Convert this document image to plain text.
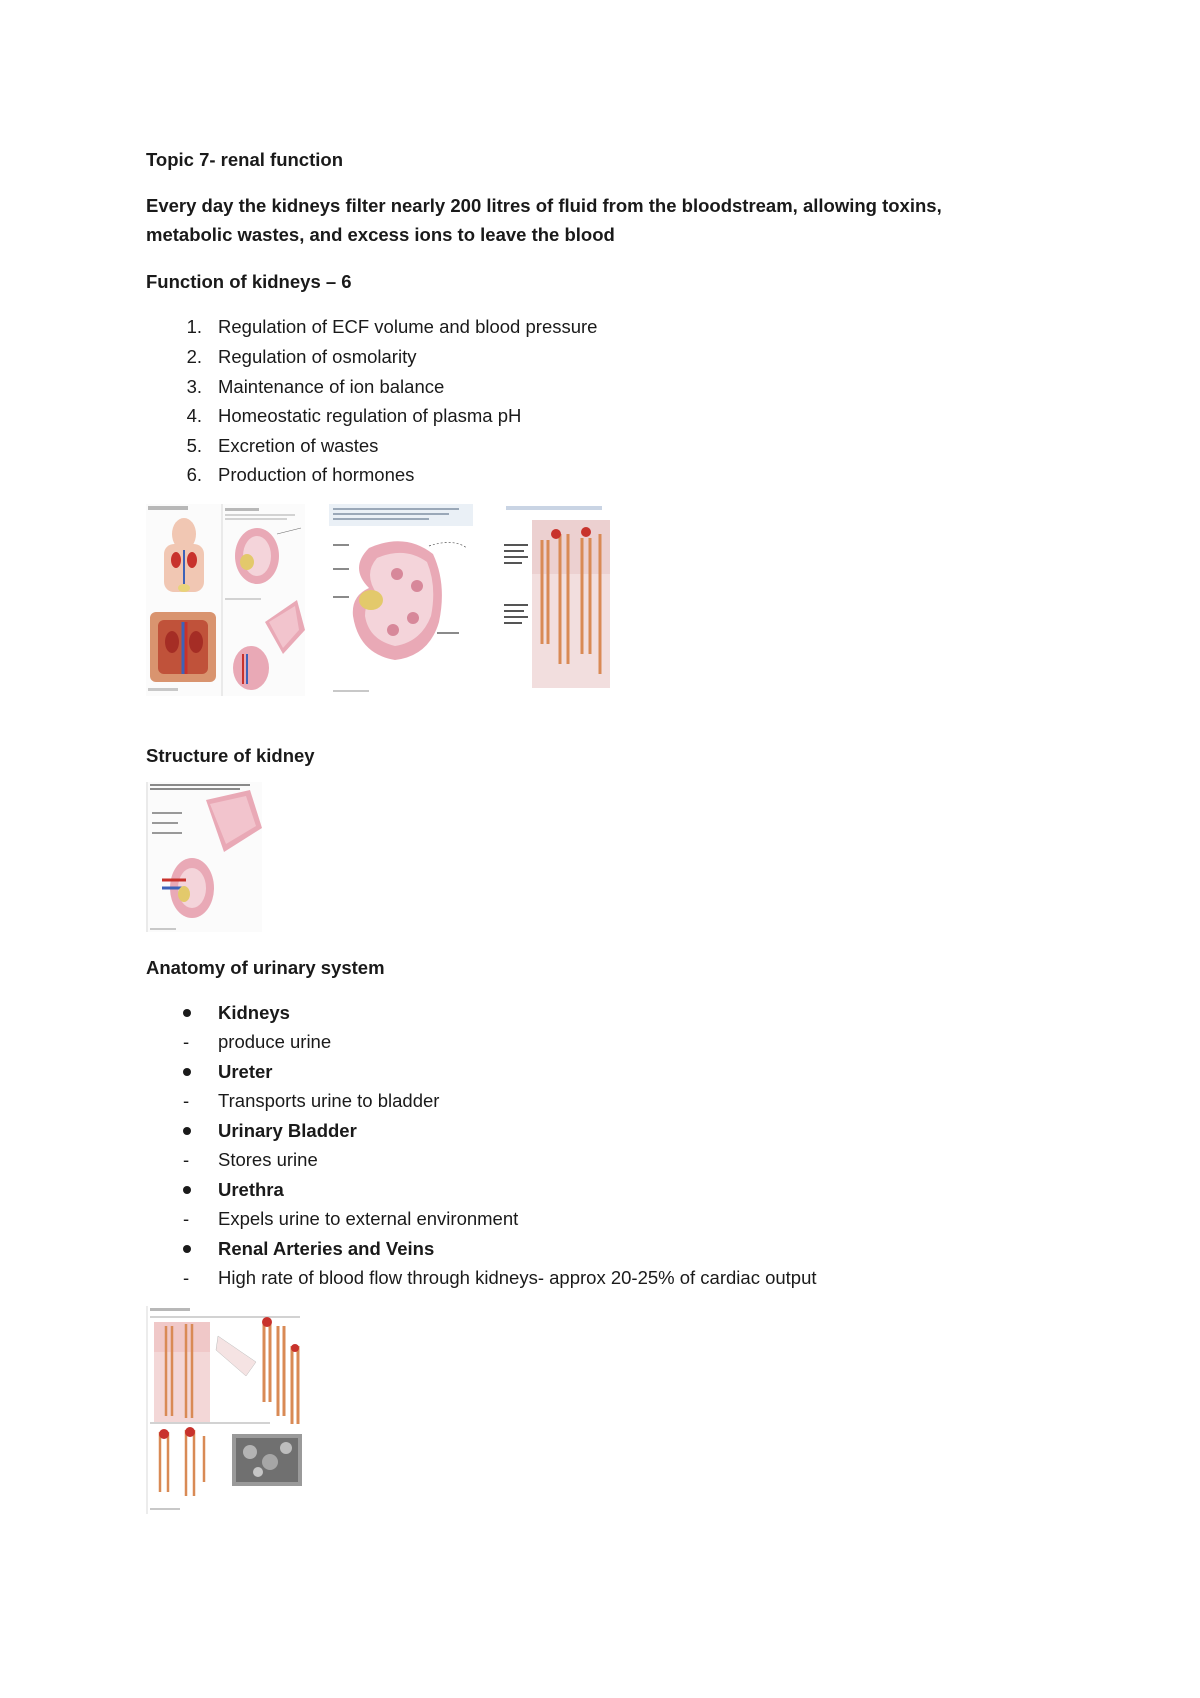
Topic 7- renal function
Every day the kidneys filter nearly 200 litres of fluid from the bloodstream, allowing toxins, metabolic wastes, and excess ions to leave the blood
Function of kidneys – 6
1. Regulation of ECF volume and blood pressure
2. Regulation of osmolarity
3. Maintenance of ion balance
4. Homeostatic regulation of plasma pH
5. Excretion of wastes
6. Production of hormones
Structure of kidney
Anatomy of urinary system
Kidneys
- produce urine
Ureter
- Transports urine to bladder
Urinary Bladder
- Stores urine
Urethra
- Expels urine to external environment
Renal Arteries and Veins
- High rate of blood flow through kidneys- approx 20-25% of cardiac output
